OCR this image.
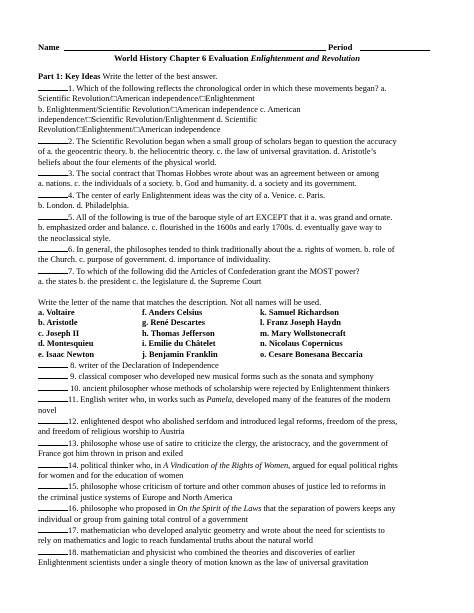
Name	Period
World History Chapter 6 Evaluation Enlightenment and Revolution
Part 1: Key Ideas Write the letter of the best answer.
1. Which of the following reflects the chronological order in which these movements began? a.
Scientific Revolution/□American independence/□Enlightenment
b. Enlightenment/Scientific Revolution/□American independence c. American
independence/□Scientific Revolution/Enlightenment d. Scientific
Revolution/□Enlightenment/□American independence
2. The Scientific Revolution began when a small group of scholars began to question the accuracy
of a. the geocentric theory. b. the heliocentric theory. c. the law of universal gravitation. d. Aristotle’s
beliefs about the four elements of the physical world.
3. The social contract that Thomas Hobbes wrote about was an agreement between or among
a. nations. c. the individuals of a society. b. God and humanity. d. a society and its government.
4. The center of early Enlightenment ideas was the city of a. Venice. c. Paris.
b. London. d. Philadelphia.
5. All of the following is true of the baroque style of art EXCEPT that it a. was grand and ornate.
b. emphasized order and balance. c. flourished in the 1600s and early 1700s. d. eventually gave way to
the neoclassical style.
6. In general, the philosophes tended to think traditionally about the a. rights of women. b. role of
the Church. c. purpose of government. d. importance of individuality.
7. To which of the following did the Articles of Confederation grant the MOST power?
a. the states b. the president c. the legislature d. the Supreme Court
Write the letter of the name that matches the description. Not all names will be used.
a. Voltaire	f. Anders Celsius	k. Samuel Richardson
b. Aristotle	g. René Descartes	l. Franz Joseph Haydn
c. Joseph II	h. Thomas Jefferson	m. Mary Wollstonecraft
d. Montesquieu	i. Emilie du Châtelet	n. Nicolaus Copernicus
e. Isaac Newton	j. Benjamin Franklin	o. Cesare Bonesana Beccaria
8. writer of the Declaration of Independence
9. classical composer who developed new musical forms such as the sonata and symphony
10. ancient philosopher whose methods of scholarship were rejected by Enlightenment thinkers
11. English writer who, in works such as Pamela, developed many of the features of the modern
novel
12. enlightened despot who abolished serfdom and introduced legal reforms, freedom of the press,
and freedom of religious worship to Austria
13. philosophe whose use of satire to criticize the clergy, the aristocracy, and the government of
France got him thrown in prison and exiled
14. political thinker who, in A Vindication of the Rights of Women, argued for equal political rights
for women and for the education of women
15. philosophe whose criticism of torture and other common abuses of justice led to reforms in
the criminal justice systems of Europe and North America
16. philosophe who proposed in On the Spirit of the Laws that the separation of powers keeps any
individual or group from gaining total control of a government
17. mathematician who developed analytic geometry and wrote about the need for scientists to
rely on mathematics and logic to reach fundamental truths about the natural world
18. mathematician and physicist who combined the theories and discoveries of earlier
Enlightenment scientists under a single theory of motion known as the law of universal gravitation
